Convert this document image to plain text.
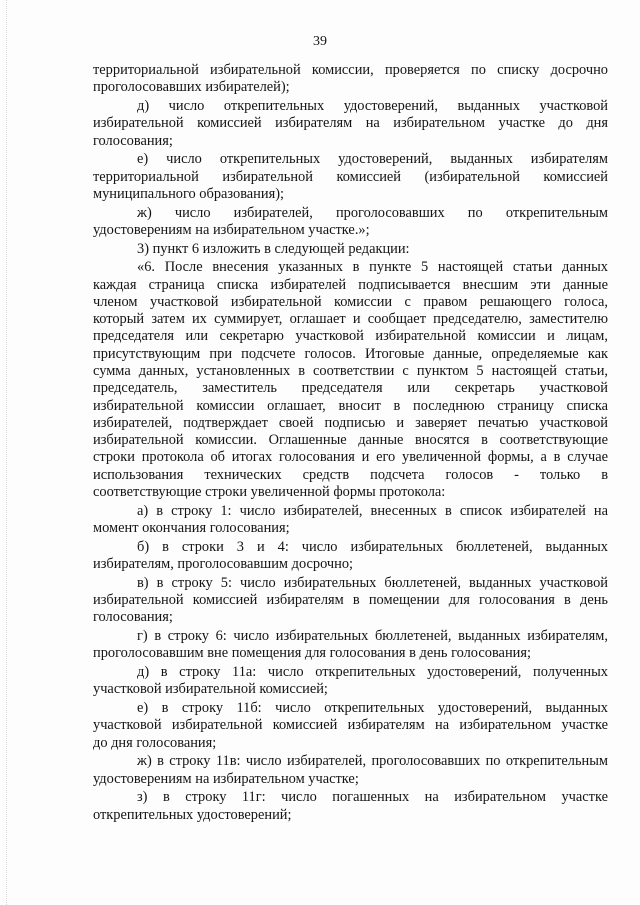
39
территориальной избирательной комиссии, проверяется по списку досрочно
проголосовавших избирателей);
д) число открепительных удостоверений, выданных участковой
избирательной комиссией избирателям на избирательном участке до дня
голосования;
е) число открепительных удостоверений, выданных избирателям
территориальной избирательной комиссией (избирательной комиссией
муниципального образования);
ж) число избирателей, проголосовавших по открепительным
удостоверениям на избирательном участке.»;
3) пункт 6 изложить в следующей редакции:
«6. После внесения указанных в пункте 5 настоящей статьи данных
каждая страница списка избирателей подписывается внесшим эти данные
членом участковой избирательной комиссии с правом решающего голоса,
который затем их суммирует, оглашает и сообщает председателю, заместителю
председателя или секретарю участковой избирательной комиссии и лицам,
присутствующим при подсчете голосов. Итоговые данные, определяемые как
сумма данных, установленных в соответствии с пунктом 5 настоящей статьи,
председатель, заместитель председателя или секретарь участковой
избирательной комиссии оглашает, вносит в последнюю страницу списка
избирателей, подтверждает своей подписью и заверяет печатью участковой
избирательной комиссии. Оглашенные данные вносятся в соответствующие
строки протокола об итогах голосования и его увеличенной формы, а в случае
использования технических средств подсчета голосов - только в
соответствующие строки увеличенной формы протокола:
а) в строку 1: число избирателей, внесенных в список избирателей на
момент окончания голосования;
б) в строки 3 и 4: число избирательных бюллетеней, выданных
избирателям, проголосовавшим досрочно;
в) в строку 5: число избирательных бюллетеней, выданных участковой
избирательной комиссией избирателям в помещении для голосования в день
голосования;
г) в строку 6: число избирательных бюллетеней, выданных избирателям,
проголосовавшим вне помещения для голосования в день голосования;
д) в строку 11а: число открепительных удостоверений, полученных
участковой избирательной комиссией;
е) в строку 11б: число открепительных удостоверений, выданных
участковой избирательной комиссией избирателям на избирательном участке
до дня голосования;
ж) в строку 11в: число избирателей, проголосовавших по открепительным
удостоверениям на избирательном участке;
з) в строку 11г: число погашенных на избирательном участке
открепительных удостоверений;
